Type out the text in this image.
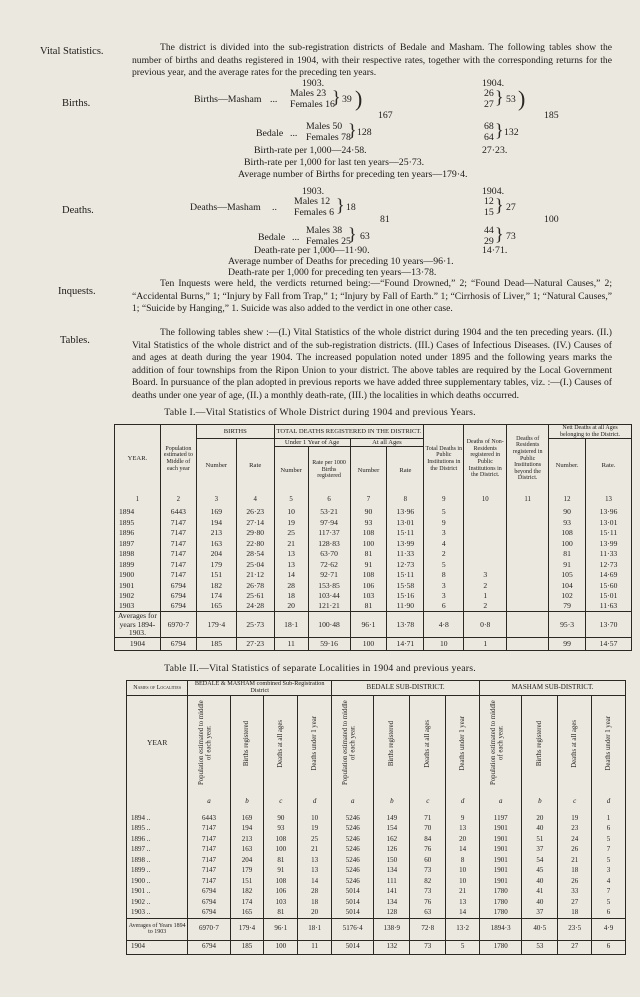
Vital Statistics.
Births.
Deaths.
Inquests.
Tables.
The district is divided into the sub-registration districts of Bedale and Masham. The following tables show the number of births and deaths registered in 1904, with their respective rates, together with the corresponding returns for the previous year, and the average rates for the preceding ten years.
1903.	1904.
Births—Masham ...
Males 23
Females 16
} 39 )	26
27 } 53 )
167	185
Bedale ...
Males 50
Females 78
} 128
68
64 } 132
Birth-rate per 1,000—24·58.	27·23.
Birth-rate per 1,000 for last ten years—25·73.
Average number of Births for preceding ten years—179·4.
1903.	1904.
Deaths—Masham ..
Males 12
Females 6 } 18
12
15 } 27
81	100
Bedale ...
Males 38
Females 25
} 63
44
29 } 73
Death-rate per 1,000—11·90.	14·71.
Average number of Deaths for preceding 10 years—96·1.
Death-rate per 1,000 for preceding ten years—13·78.
Ten Inquests were held, the verdicts returned being:—“Found Drowned,” 2; “Found Dead—Natural Causes,” 2; “Accidental Burns,” 1; “Injury by Fall from Trap,” 1; “Injury by Fall of Earth.” 1; “Cirrhosis of Liver,” 1; “Natural Causes,” 1; “Suicide by Hanging,” 1. Suicide was also added to the verdict in one other case.
The following tables shew :—(I.) Vital Statistics of the whole district during 1904 and the ten preceding years. (II.) Vital Statistics of the whole district and of the sub-registration districts. (III.) Cases of Infectious Diseases. (IV.) Causes of and ages at death during the year 1904. The increased population noted under 1895 and the following years marks the addition of four townships from the Ripon Union to your district. The above tables are required by the Local Government Board. In pursuance of the plan adopted in previous reports we have added three supplementary tables, viz. :—(I.) Causes of deaths under one year of age, (II.) a monthly death-rate, (III.) the localities in which deaths occurred.
Table I.—Vital Statistics of Whole District during 1904 and previous Years.
YEAR.	Population estimated to Middle of each year	BIRTHS		TOTAL DEATHS REGISTERED IN THE DISTRICT.				Total Deaths in Public Institutions in the District	Deaths of Non-Residents registered in Public Institutions in the District.	Deaths of Residents registered in Public Institutions beyond the District.	Nett Deaths at all Ages belonging to the District.	
		Number	Rate	Under 1 Year of Age		At all Ages					Number.	Rate.
				Number	Rate per 1000 Births registered	Number	Rate					
1	2	3	4	5	6	7	8	9	10	11	12	13
1894	6443	169	26·23	10	53·21	90	13·96	5			90	13·96
1895	7147	194	27·14	19	97·94	93	13·01	9			93	13·01
1896	7147	213	29·80	25	117·37	108	15·11	3			108	15·11
1897	7147	163	22·80	21	128·83	100	13·99	4			100	13·99
1898	7147	204	28·54	13	63·70	81	11·33	2			81	11·33
1899	7147	179	25·04	13	72·62	91	12·73	5			91	12·73
1900	7147	151	21·12	14	92·71	108	15·11	8	3		105	14·69
1901	6794	182	26·78	28	153·85	106	15·58	3	2		104	15·60
1902	6794	174	25·61	18	103·44	103	15·16	3	1		102	15·01
1903	6794	165	24·28	20	121·21	81	11·90	6	2		79	11·63
Averages for years 1894-1903.	6970·7	179·4	25·73	18·1	100·48	96·1	13·78	4·8	0·8		95·3	13·70
1904	6794	185	27·23	11	59·16	100	14·71	10	1		99	14·57
Table II.—Vital Statistics of separate Localities in 1904 and previous years.
Names of Localities	BEDALE & MASHAM combined Sub-Registration District				BEDALE SUB-DISTRICT.				MASHAM SUB-DISTRICT.			
YEAR	Population estimated to middle of each year.	Births registered	Deaths at all ages	Deaths under 1 year	Population estimated to middle of each year.	Births registered	Deaths at all ages	Deaths under 1 year	Population estimated to middle of each year.	Births registered	Deaths at all ages	Deaths under 1 year

	a	b	c	d	a	b	c	d	a	b	c	d
1894 ..	6443	169	90	10	5246	149	71	9	1197	20	19	1
1895 ..	7147	194	93	19	5246	154	70	13	1901	40	23	6
1896 ..	7147	213	108	25	5246	162	84	20	1901	51	24	5
1897 ..	7147	163	100	21	5246	126	76	14	1901	37	26	7
1898 ..	7147	204	81	13	5246	150	60	8	1901	54	21	5
1899 ..	7147	179	91	13	5246	134	73	10	1901	45	18	3
1900 ..	7147	151	108	14	5246	111	82	10	1901	40	26	4
1901 ..	6794	182	106	28	5014	141	73	21	1780	41	33	7
1902 ..	6794	174	103	18	5014	134	76	13	1780	40	27	5
1903 ..	6794	165	81	20	5014	128	63	14	1780	37	18	6
Averages of Years 1894 to 1903	6970·7	179·4	96·1	18·1	5176·4	138·9	72·8	13·2	1894·3	40·5	23·5	4·9
1904	6794	185	100	11	5014	132	73	5	1780	53	27	6
